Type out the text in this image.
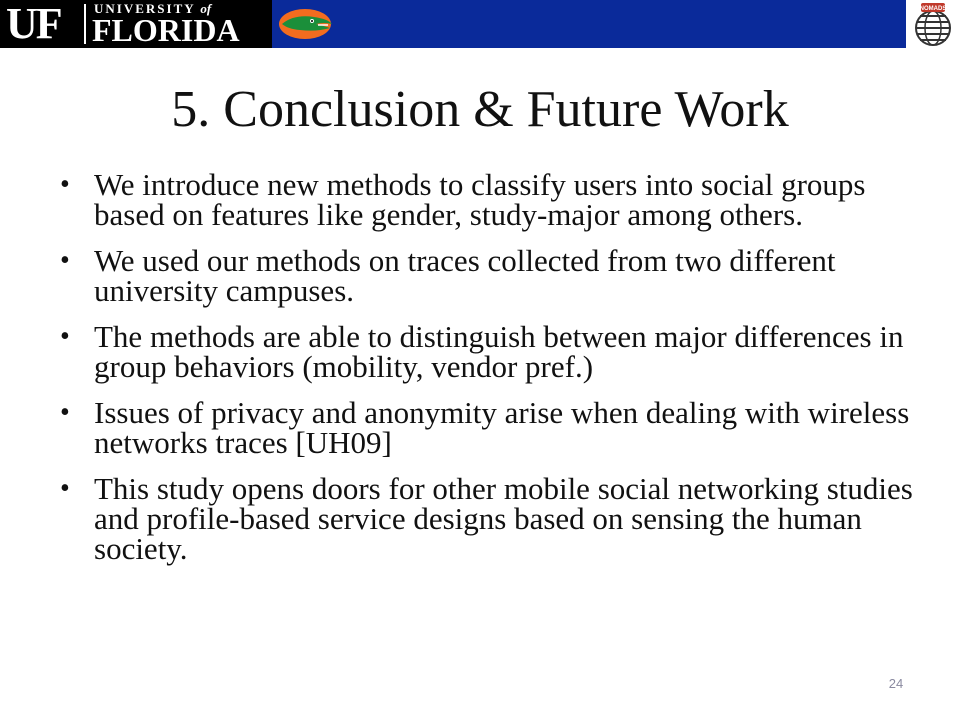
UF	UNIVERSITY of
FLORIDA
NOMADS
5. Conclusion & Future Work
• We introduce new methods to classify users into social groups based on features like gender, study-major among others.
• We used our methods on traces collected from two different university campuses.
• The methods are able to distinguish between major differences in group behaviors (mobility, vendor pref.)
• Issues of privacy and anonymity arise when dealing with wireless networks traces [UH09]
• This study opens doors for other mobile social networking studies and profile-based service designs based on sensing the human society.
24
